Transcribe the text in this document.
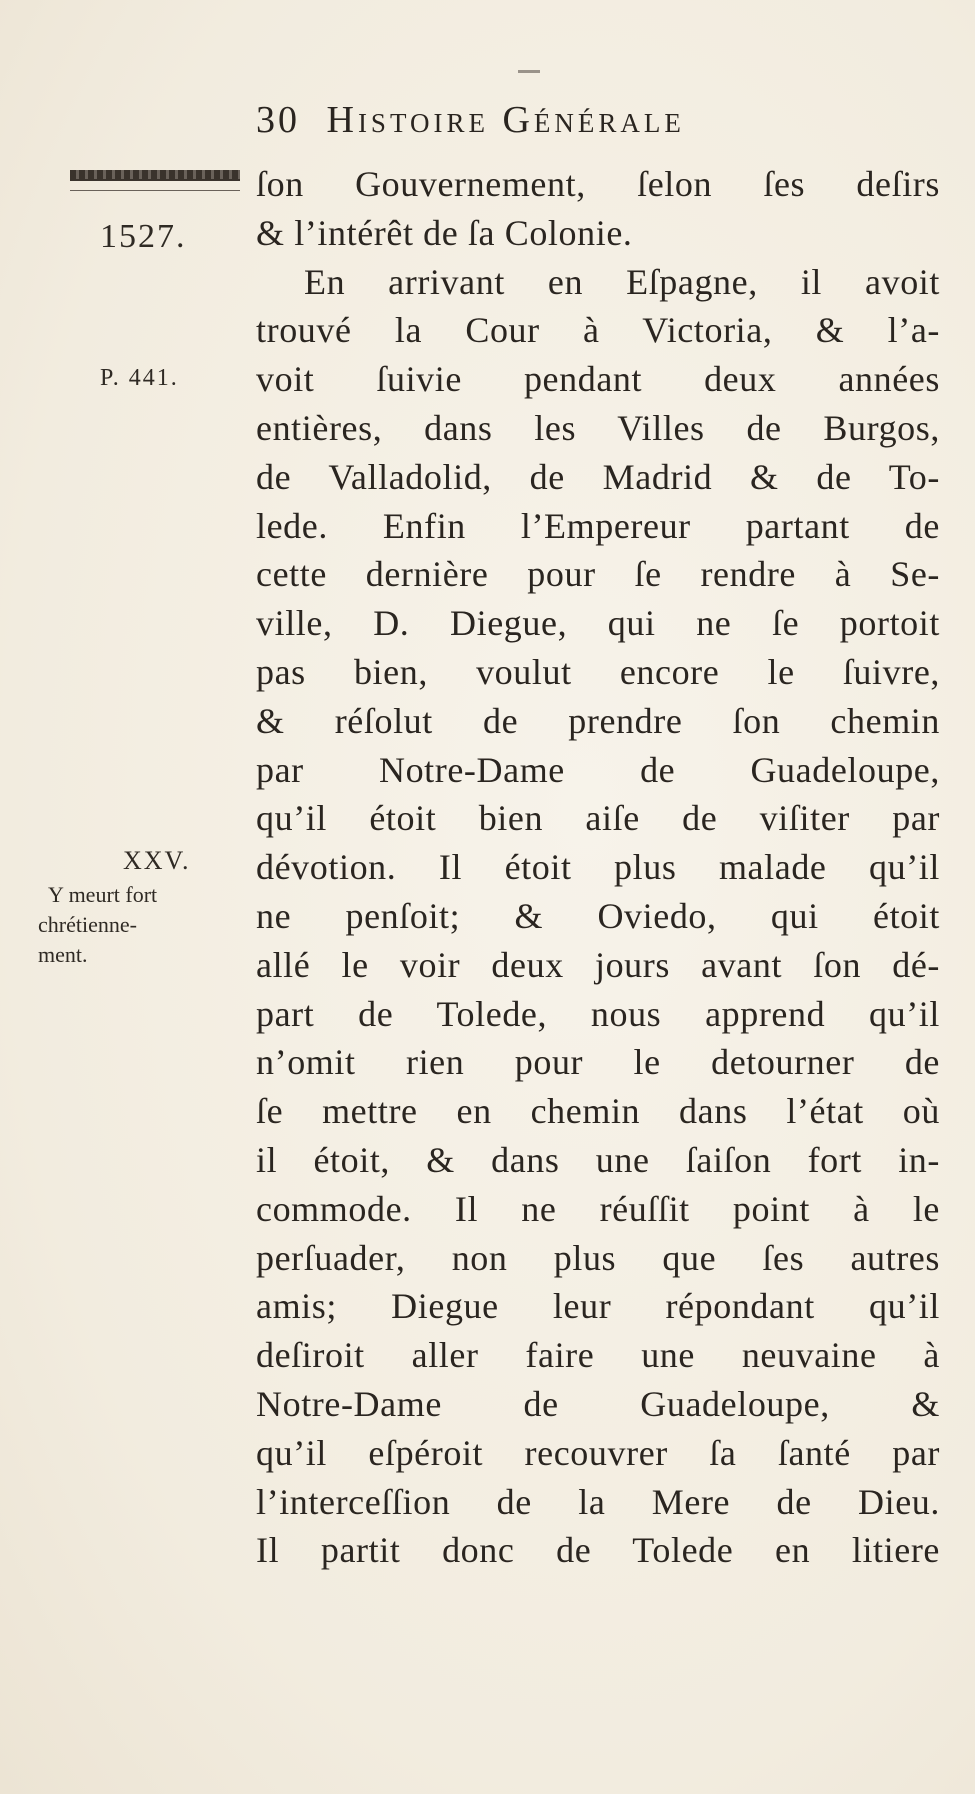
30 Histoire Générale
1527.
P. 441.
XXV.
Y meurt fort
chrétienne-
ment.
ſon Gouvernement, ſelon ſes deſirs
& l’intérêt de ſa Colonie.
En arrivant en Eſpagne, il avoit
trouvé la Cour à Victoria, & l’a-
voit ſuivie pendant deux années
entières, dans les Villes de Burgos,
de Valladolid, de Madrid & de To-
lede. Enfin l’Empereur partant de
cette dernière pour ſe rendre à Se-
ville, D. Diegue, qui ne ſe portoit
pas bien, voulut encore le ſuivre,
& réſolut de prendre ſon chemin
par Notre-Dame de Guadeloupe,
qu’il étoit bien aiſe de viſiter par
dévotion. Il étoit plus malade qu’il
ne penſoit; & Oviedo, qui étoit
allé le voir deux jours avant ſon dé-
part de Tolede, nous apprend qu’il
n’omit rien pour le detourner de
ſe mettre en chemin dans l’état où
il étoit, & dans une ſaiſon fort in-
commode. Il ne réuſſit point à le
perſuader, non plus que ſes autres
amis; Diegue leur répondant qu’il
deſiroit aller faire une neuvaine à
Notre-Dame de Guadeloupe, &
qu’il eſpéroit recouvrer ſa ſanté par
l’interceſſion de la Mere de Dieu.
Il partit donc de Tolede en litiere
